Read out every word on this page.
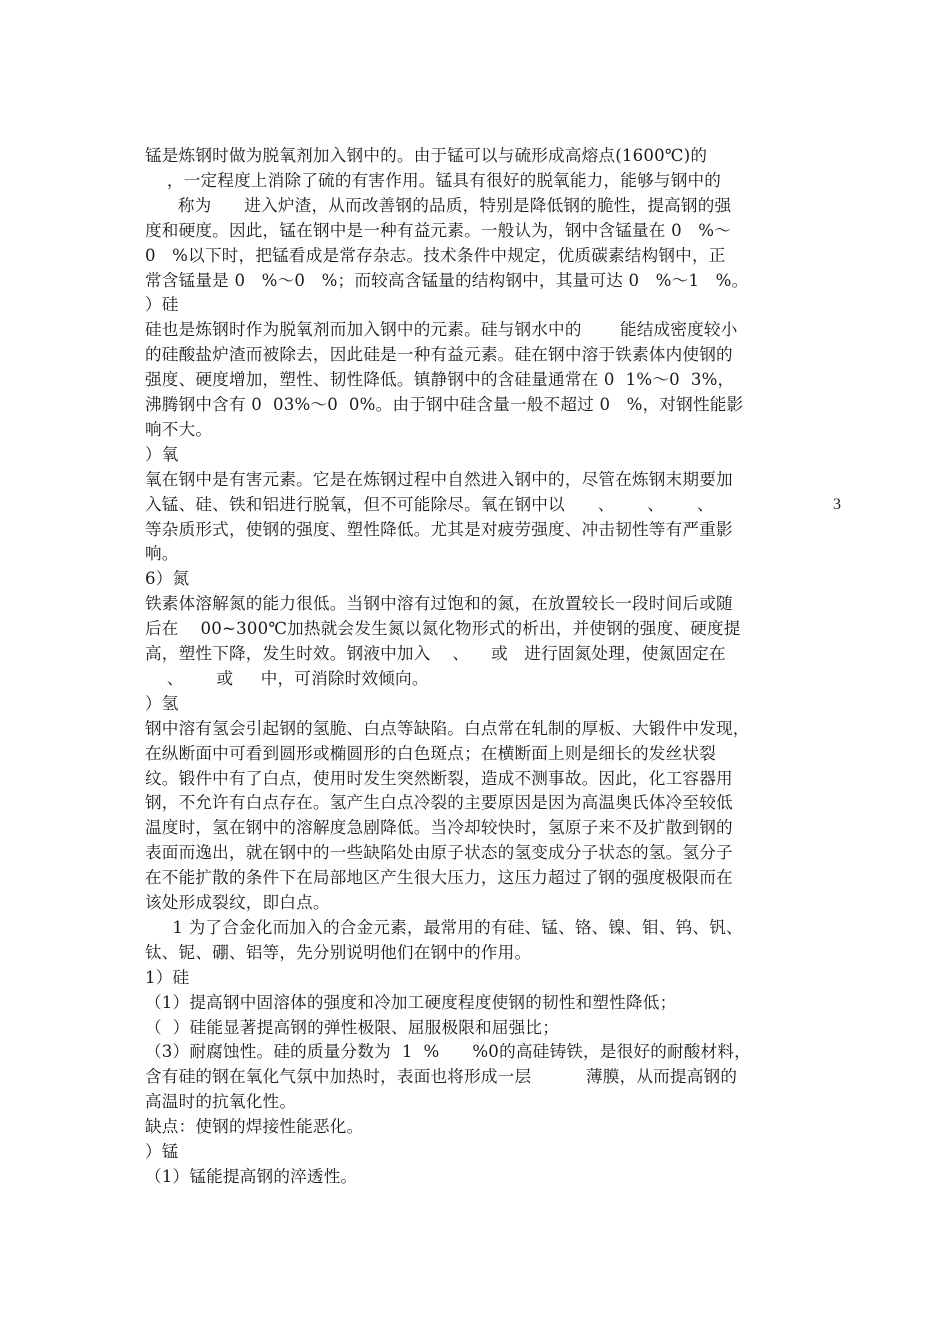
3
锰是炼钢时做为脱氧剂加入钢中的。由于锰可以与硫形成高熔点(1600℃)的
，一定程度上消除了硫的有害作用。锰具有很好的脱氧能力，能够与钢中的
称为      进入炉渣，从而改善钢的品质，特别是降低钢的脆性，提高钢的强
度和硬度。因此，锰在钢中是一种有益元素。一般认为，钢中含锰量在 0   %～
0   %以下时，把锰看成是常存杂志。技术条件中规定，优质碳素结构钢中，正
常含锰量是 0   %～0   %；而较高含锰量的结构钢中，其量可达 0   %～1   %。
）硅
硅也是炼钢时作为脱氧剂而加入钢中的元素。硅与钢水中的       能结成密度较小
的硅酸盐炉渣而被除去，因此硅是一种有益元素。硅在钢中溶于铁素体内使钢的
强度、硬度增加，塑性、韧性降低。镇静钢中的含硅量通常在 0  1%～0  3%，
沸腾钢中含有 0  03%～0  0%。由于钢中硅含量一般不超过 0   %，对钢性能影
响不大。
）氧
氧在钢中是有害元素。它是在炼钢过程中自然进入钢中的，尽管在炼钢末期要加
入锰、硅、铁和铝进行脱氧，但不可能除尽。氧在钢中以      、      、      、
等杂质形式，使钢的强度、塑性降低。尤其是对疲劳强度、冲击韧性等有严重影
响。
6）氮
铁素体溶解氮的能力很低。当钢中溶有过饱和的氮，在放置较长一段时间后或随
后在    00~300℃加热就会发生氮以氮化物形式的析出，并使钢的强度、硬度提
高，塑性下降，发生时效。钢液中加入    、    或   进行固氮处理，使氮固定在
、      或     中，可消除时效倾向。
）氢
钢中溶有氢会引起钢的氢脆、白点等缺陷。白点常在轧制的厚板、大锻件中发现，
在纵断面中可看到圆形或椭圆形的白色斑点；在横断面上则是细长的发丝状裂
纹。锻件中有了白点，使用时发生突然断裂，造成不测事故。因此，化工容器用
钢，不允许有白点存在。氢产生白点冷裂的主要原因是因为高温奥氏体冷至较低
温度时，氢在钢中的溶解度急剧降低。当冷却较快时，氢原子来不及扩散到钢的
表面而逸出，就在钢中的一些缺陷处由原子状态的氢变成分子状态的氢。氢分子
在不能扩散的条件下在局部地区产生很大压力，这压力超过了钢的强度极限而在
该处形成裂纹，即白点。
1 为了合金化而加入的合金元素，最常用的有硅、锰、铬、镍、钼、钨、钒、
钛、铌、硼、铝等，先分别说明他们在钢中的作用。
1）硅
（1）提高钢中固溶体的强度和冷加工硬度程度使钢的韧性和塑性降低；
（  ）硅能显著提高钢的弹性极限、屈服极限和屈强比；
（3）耐腐蚀性。硅的质量分数为  1  %      %0的高硅铸铁，是很好的耐酸材料，
含有硅的钢在氧化气氛中加热时，表面也将形成一层          薄膜，从而提高钢的
高温时的抗氧化性。
缺点：使钢的焊接性能恶化。
）锰
（1）锰能提高钢的淬透性。
